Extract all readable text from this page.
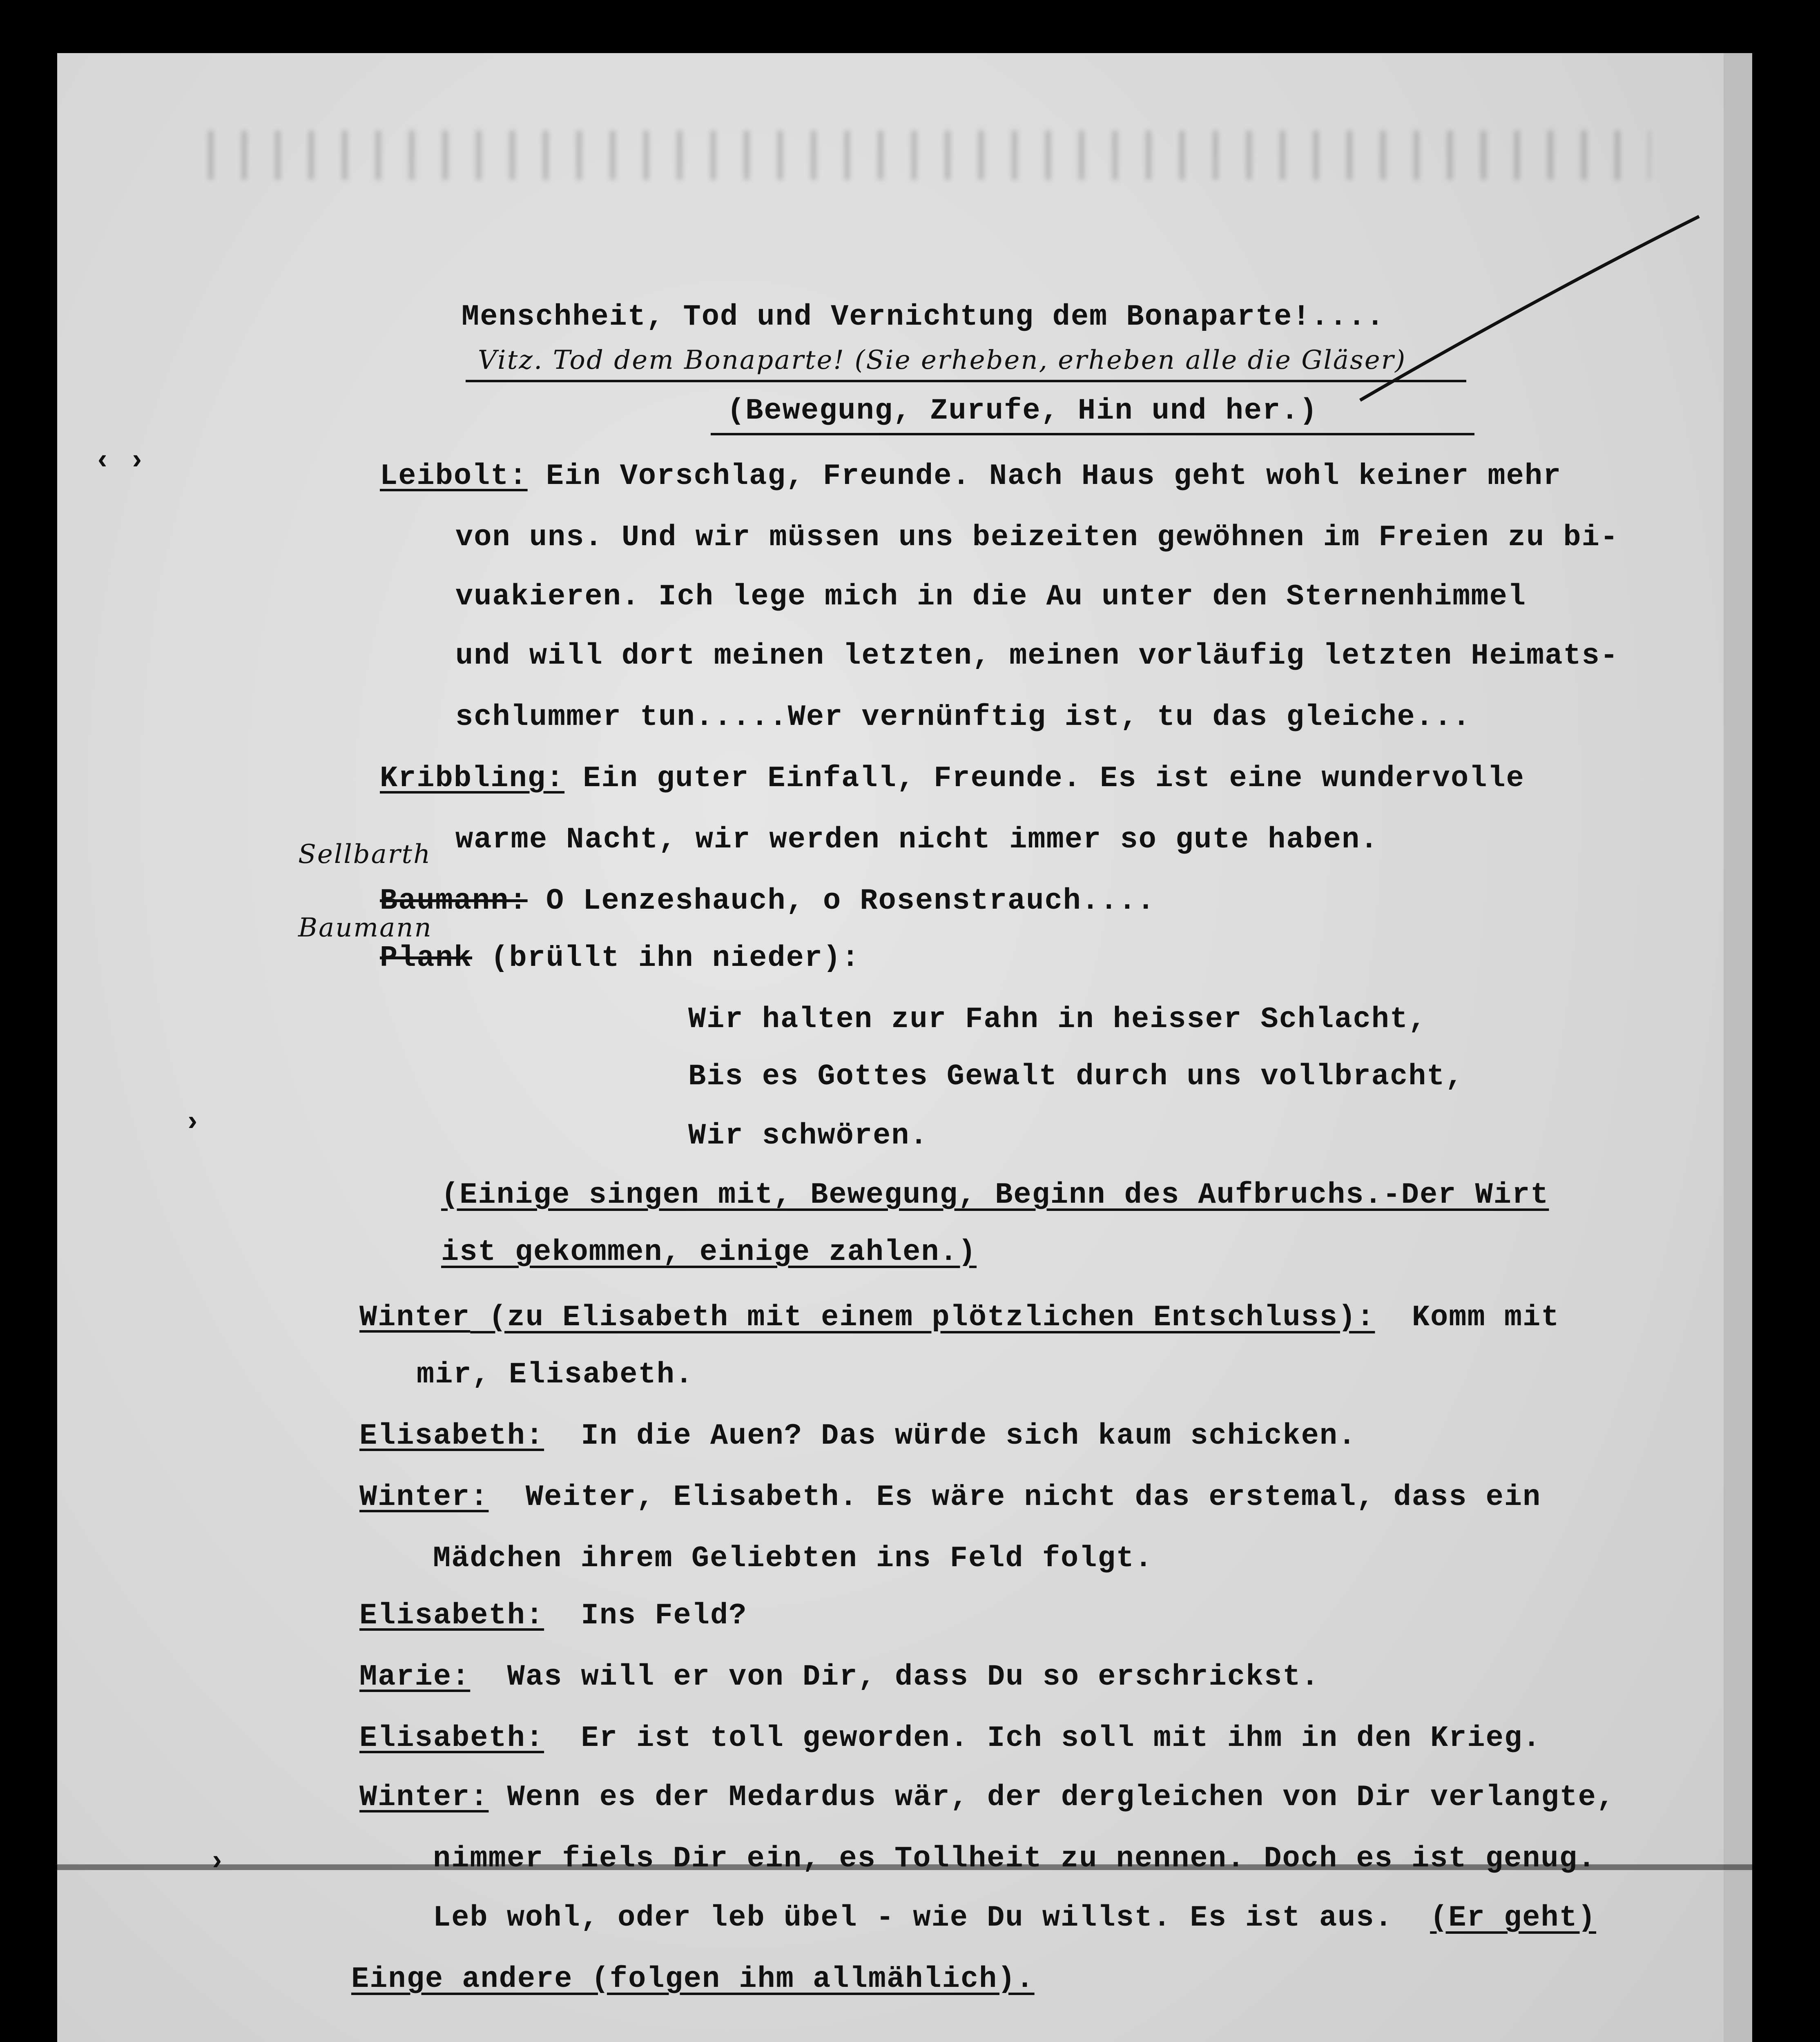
Menschheit, Tod und Vernichtung dem Bonaparte!....
Vitz. Tod dem Bonaparte! (Sie erheben, erheben alle die Gläser)
(Bewegung, Zurufe, Hin und her.)
‹ ›	Leibolt: Ein Vorschlag, Freunde. Nach Haus geht wohl keiner mehr
von uns. Und wir müssen uns beizeiten gewöhnen im Freien zu bi-
vuakieren. Ich lege mich in die Au unter den Sternenhimmel
und will dort meinen letzten, meinen vorläufig letzten Heimats-
schlummer tun.....Wer vernünftig ist, tu das gleiche...
Kribbling: Ein guter Einfall, Freunde. Es ist eine wundervolle
warme Nacht, wir werden nicht immer so gute haben.
Sellbarth
Baumann: O Lenzeshauch, o Rosenstrauch....
Baumann
Plank (brüllt ihn nieder):
Wir halten zur Fahn in heisser Schlacht,
Bis es Gottes Gewalt durch uns vollbracht,
Wir schwören.
›
(Einige singen mit, Bewegung, Beginn des Aufbruchs.-Der Wirt
ist gekommen, einige zahlen.)
Winter (zu Elisabeth mit einem plötzlichen Entschluss):  Komm mit
mir, Elisabeth.
Elisabeth:  In die Auen? Das würde sich kaum schicken.
Winter:  Weiter, Elisabeth. Es wäre nicht das erstemal, dass ein
Mädchen ihrem Geliebten ins Feld folgt.
Elisabeth:  Ins Feld?
Marie:  Was will er von Dir, dass Du so erschrickst.
Elisabeth:  Er ist toll geworden. Ich soll mit ihm in den Krieg.
Winter: Wenn es der Medardus wär, der dergleichen von Dir verlangte,
›	nimmer fiels Dir ein, es Tollheit zu nennen. Doch es ist genug.
Leb wohl, oder leb übel - wie Du willst. Es ist aus. (Er geht)
Einge andere (folgen ihm allmählich).
